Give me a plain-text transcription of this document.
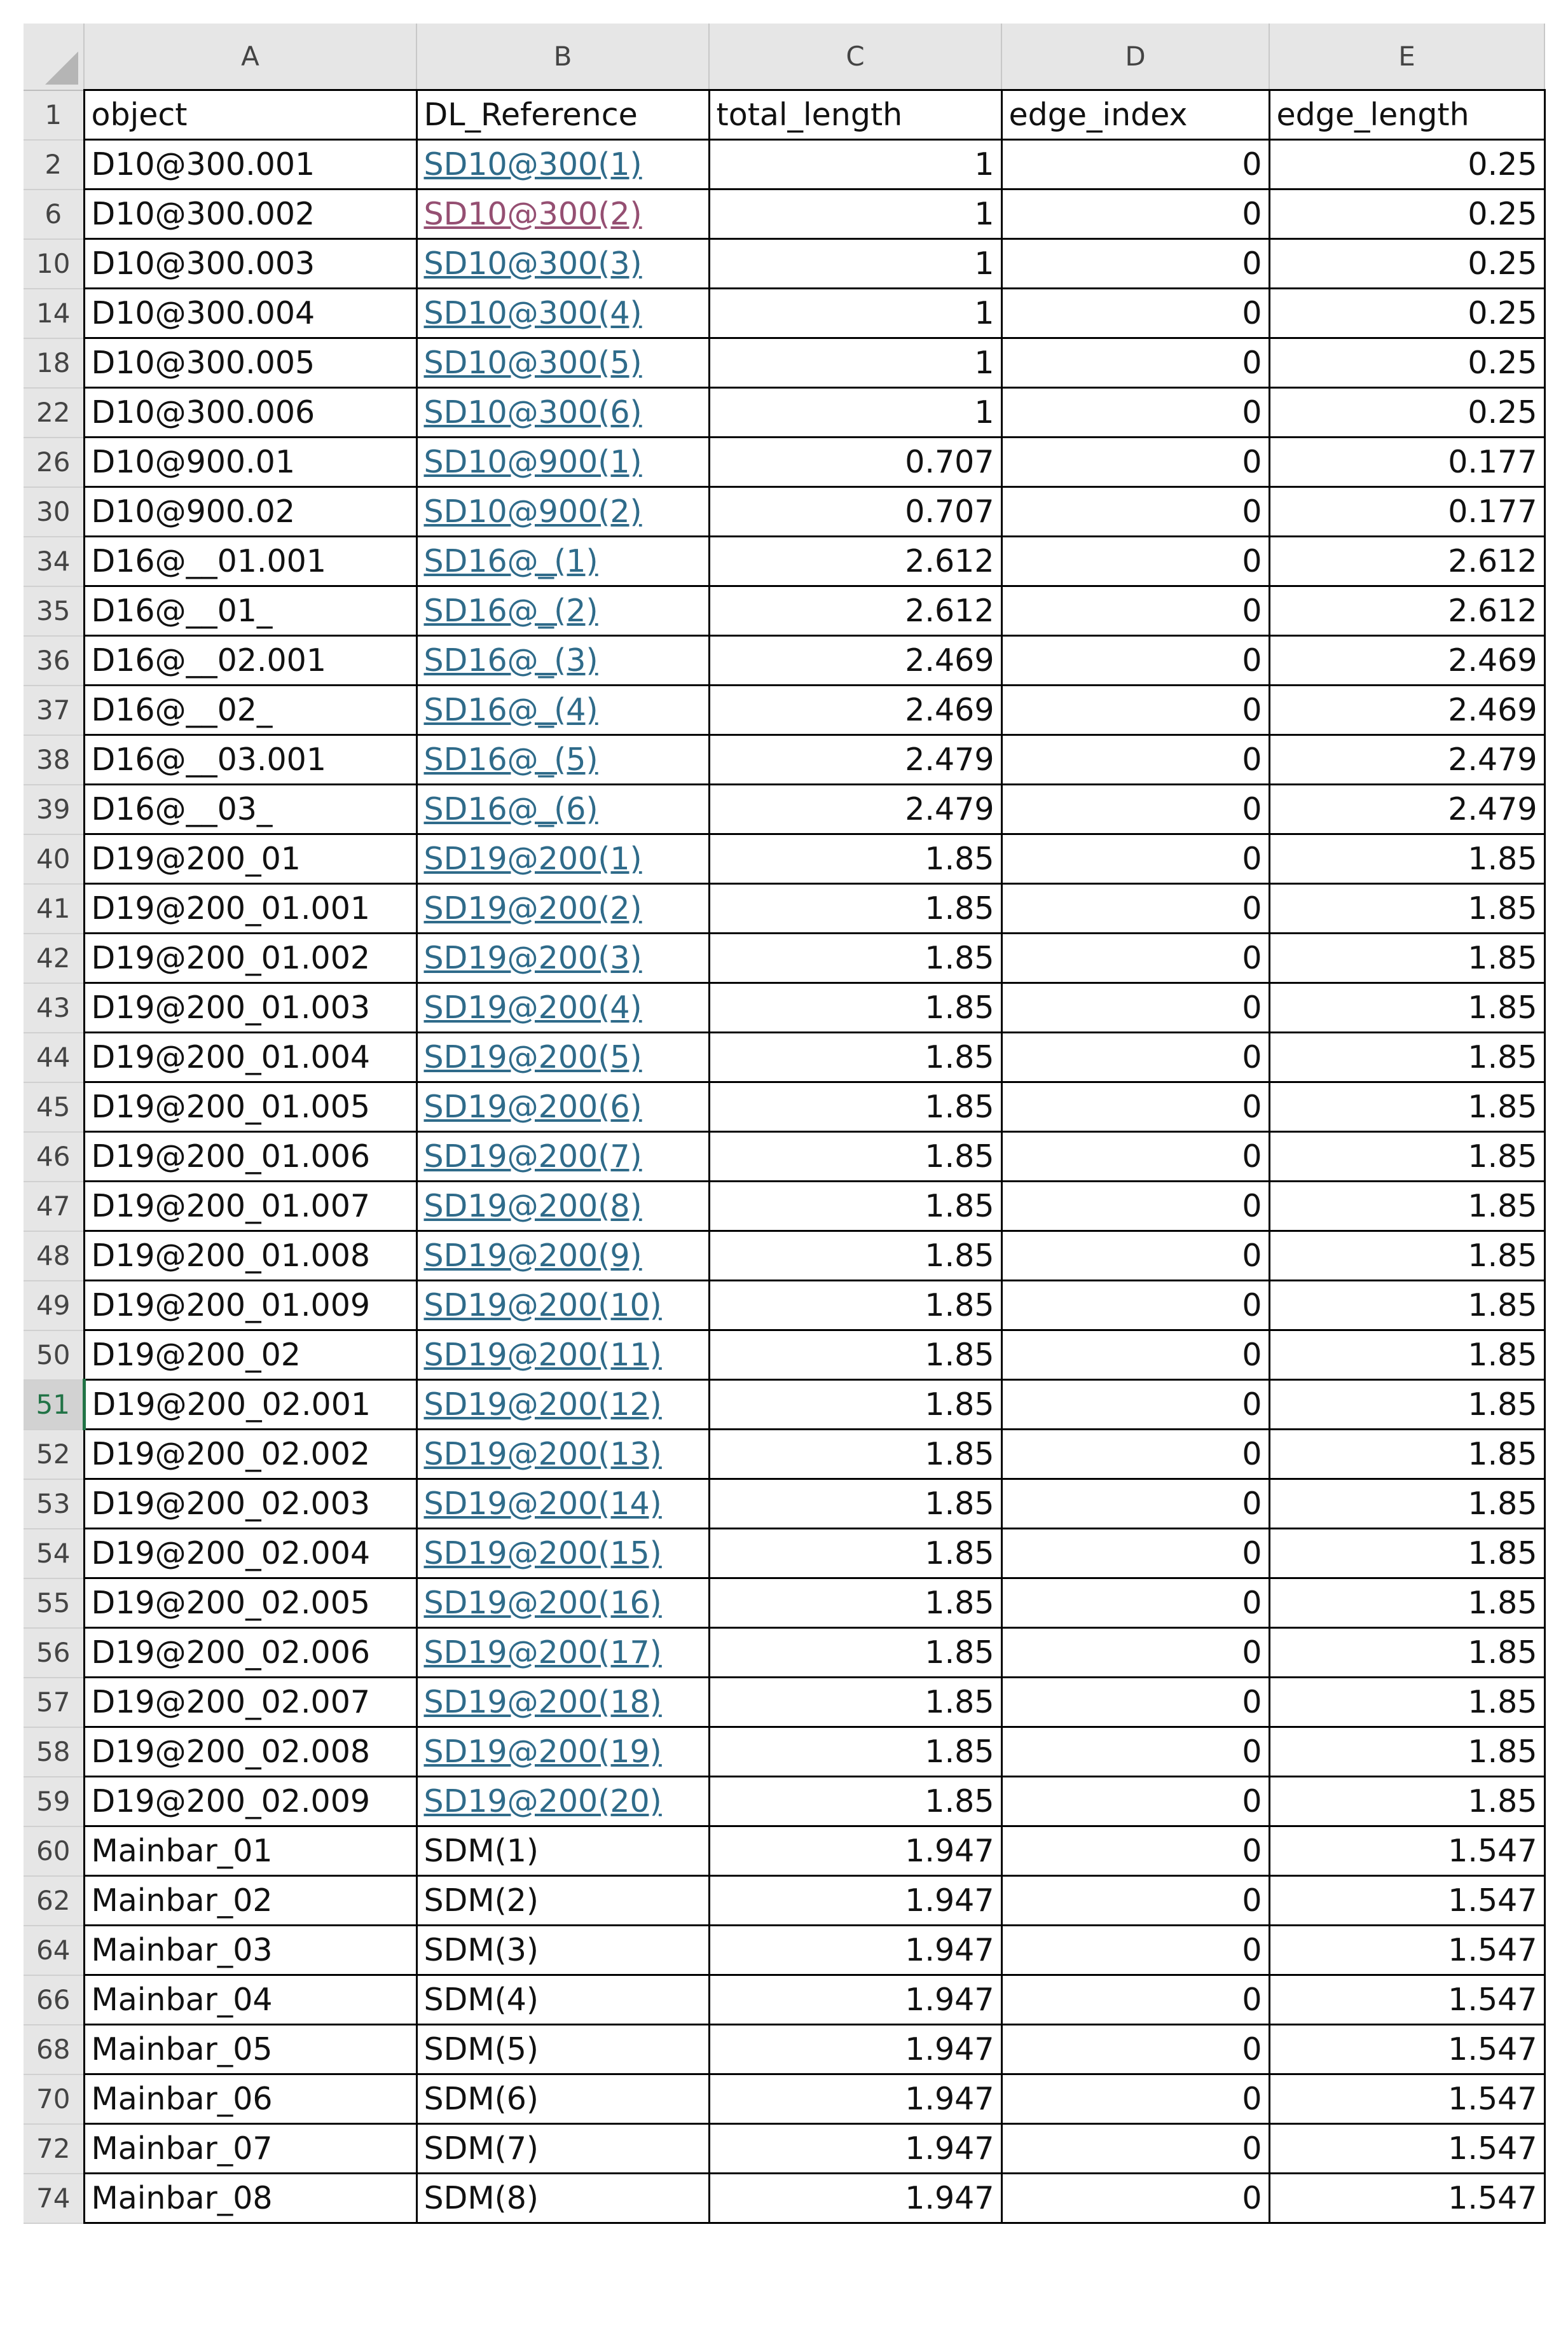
	A	B	C	D	E
1	object	DL_Reference	total_length	edge_index	edge_length
2	D10@300.001	SD10@300(1)	1	0	0.25
6	D10@300.002	SD10@300(2)	1	0	0.25
10	D10@300.003	SD10@300(3)	1	0	0.25
14	D10@300.004	SD10@300(4)	1	0	0.25
18	D10@300.005	SD10@300(5)	1	0	0.25
22	D10@300.006	SD10@300(6)	1	0	0.25
26	D10@900.01	SD10@900(1)	0.707	0	0.177
30	D10@900.02	SD10@900(2)	0.707	0	0.177
34	D16@__01.001	SD16@_(1)	2.612	0	2.612
35	D16@__01_	SD16@_(2)	2.612	0	2.612
36	D16@__02.001	SD16@_(3)	2.469	0	2.469
37	D16@__02_	SD16@_(4)	2.469	0	2.469
38	D16@__03.001	SD16@_(5)	2.479	0	2.479
39	D16@__03_	SD16@_(6)	2.479	0	2.479
40	D19@200_01	SD19@200(1)	1.85	0	1.85
41	D19@200_01.001	SD19@200(2)	1.85	0	1.85
42	D19@200_01.002	SD19@200(3)	1.85	0	1.85
43	D19@200_01.003	SD19@200(4)	1.85	0	1.85
44	D19@200_01.004	SD19@200(5)	1.85	0	1.85
45	D19@200_01.005	SD19@200(6)	1.85	0	1.85
46	D19@200_01.006	SD19@200(7)	1.85	0	1.85
47	D19@200_01.007	SD19@200(8)	1.85	0	1.85
48	D19@200_01.008	SD19@200(9)	1.85	0	1.85
49	D19@200_01.009	SD19@200(10)	1.85	0	1.85
50	D19@200_02	SD19@200(11)	1.85	0	1.85
51	D19@200_02.001	SD19@200(12)	1.85	0	1.85
52	D19@200_02.002	SD19@200(13)	1.85	0	1.85
53	D19@200_02.003	SD19@200(14)	1.85	0	1.85
54	D19@200_02.004	SD19@200(15)	1.85	0	1.85
55	D19@200_02.005	SD19@200(16)	1.85	0	1.85
56	D19@200_02.006	SD19@200(17)	1.85	0	1.85
57	D19@200_02.007	SD19@200(18)	1.85	0	1.85
58	D19@200_02.008	SD19@200(19)	1.85	0	1.85
59	D19@200_02.009	SD19@200(20)	1.85	0	1.85
60	Mainbar_01	SDM(1)	1.947	0	1.547
62	Mainbar_02	SDM(2)	1.947	0	1.547
64	Mainbar_03	SDM(3)	1.947	0	1.547
66	Mainbar_04	SDM(4)	1.947	0	1.547
68	Mainbar_05	SDM(5)	1.947	0	1.547
70	Mainbar_06	SDM(6)	1.947	0	1.547
72	Mainbar_07	SDM(7)	1.947	0	1.547
74	Mainbar_08	SDM(8)	1.947	0	1.547
